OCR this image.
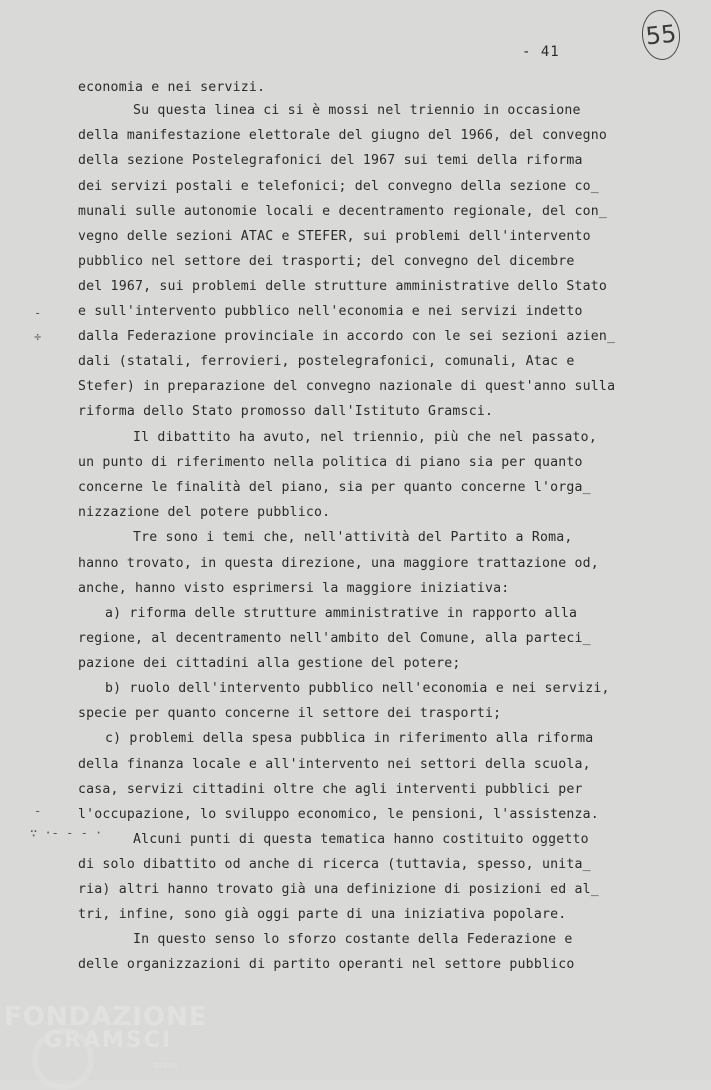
- 41
55
economia e nei servizi.
Su questa linea ci si è mossi nel triennio in occasione
della manifestazione elettorale del giugno del 1966, del convegno
della sezione Postelegrafonici del 1967 sui temi della riforma
dei servizi postali e telefonici; del convegno della sezione co_
munali sulle autonomie locali e decentramento regionale, del con_
vegno delle sezioni ATAC e STEFER, sui problemi dell'intervento
pubblico nel settore dei trasporti; del convegno del dicembre
del 1967, sui problemi delle strutture amministrative dello Stato
e sull'intervento pubblico nell'economia e nei servizi indetto
dalla Federazione provinciale in accordo con le sei sezioni azien_
dali (statali, ferrovieri, postelegrafonici, comunali, Atac e
Stefer) in preparazione del convegno nazionale di quest'anno sulla
riforma dello Stato promosso dall'Istituto Gramsci.
Il dibattito ha avuto, nel triennio, più che nel passato,
un punto di riferimento nella politica di piano sia per quanto
concerne le finalità del piano, sia per quanto concerne l'orga_
nizzazione del potere pubblico.
Tre sono i temi che, nell'attività del Partito a Roma,
hanno trovato, in questa direzione, una maggiore trattazione od,
anche, hanno visto esprimersi la maggiore iniziativa:
a) riforma delle strutture amministrative in rapporto alla
regione, al decentramento nell'ambito del Comune, alla parteci_
pazione dei cittadini alla gestione del potere;
b) ruolo dell'intervento pubblico nell'economia e nei servizi,
specie per quanto concerne il settore dei trasporti;
c) problemi della spesa pubblica in riferimento alla riforma
della finanza locale e all'intervento nei settori della scuola,
casa, servizi cittadini oltre che agli interventi pubblici per
l'occupazione, lo sviluppo economico, le pensioni, l'assistenza.
Alcuni punti di questa tematica hanno costituito oggetto
di solo dibattito od anche di ricerca (tuttavia, spesso, unita_
ria) altri hanno trovato già una definizione di posizioni ed al_
tri, infine, sono già oggi parte di una iniziativa popolare.
In questo senso lo sforzo costante della Federazione e
delle organizzazioni di partito operanti nel settore pubblico
-
÷
-
∵ ·- - - ·
FONDAZIONE
GRAMSCI
onlus
